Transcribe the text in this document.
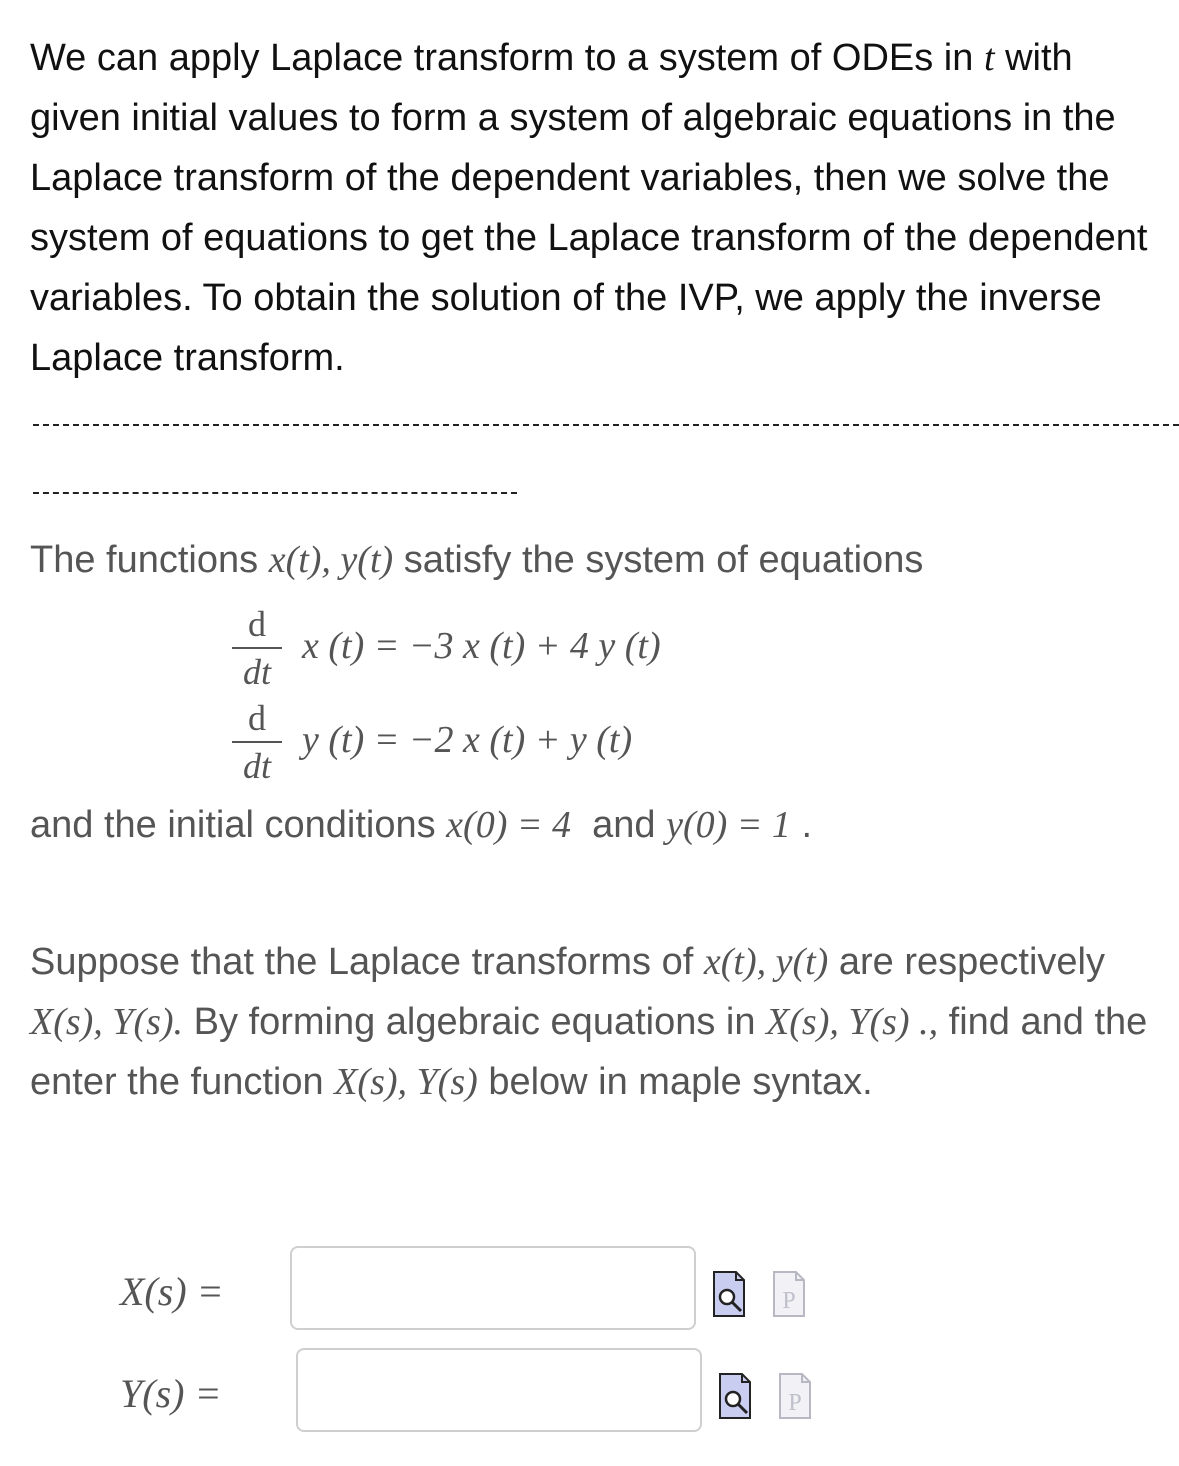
We can apply Laplace transform to a system of ODEs in t with given initial values to form a system of algebraic equations in the Laplace transform of the dependent variables, then we solve the system of equations to get the Laplace transform of the dependent variables. To obtain the solution of the IVP, we apply the inverse Laplace transform.
The functions x(t), y(t) satisfy the system of equations
d
dt
x (t) = −3 x (t) + 4 y (t)
d
dt
y (t) = −2 x (t) + y (t)
and the initial conditions x(0) = 4 and y(0) = 1 .
Suppose that the Laplace transforms of x(t), y(t) are respectively X(s), Y(s). By forming algebraic equations in X(s), Y(s) ., find and the enter the function X(s), Y(s) below in maple syntax.
X(s) =	P
Y(s) =	P
